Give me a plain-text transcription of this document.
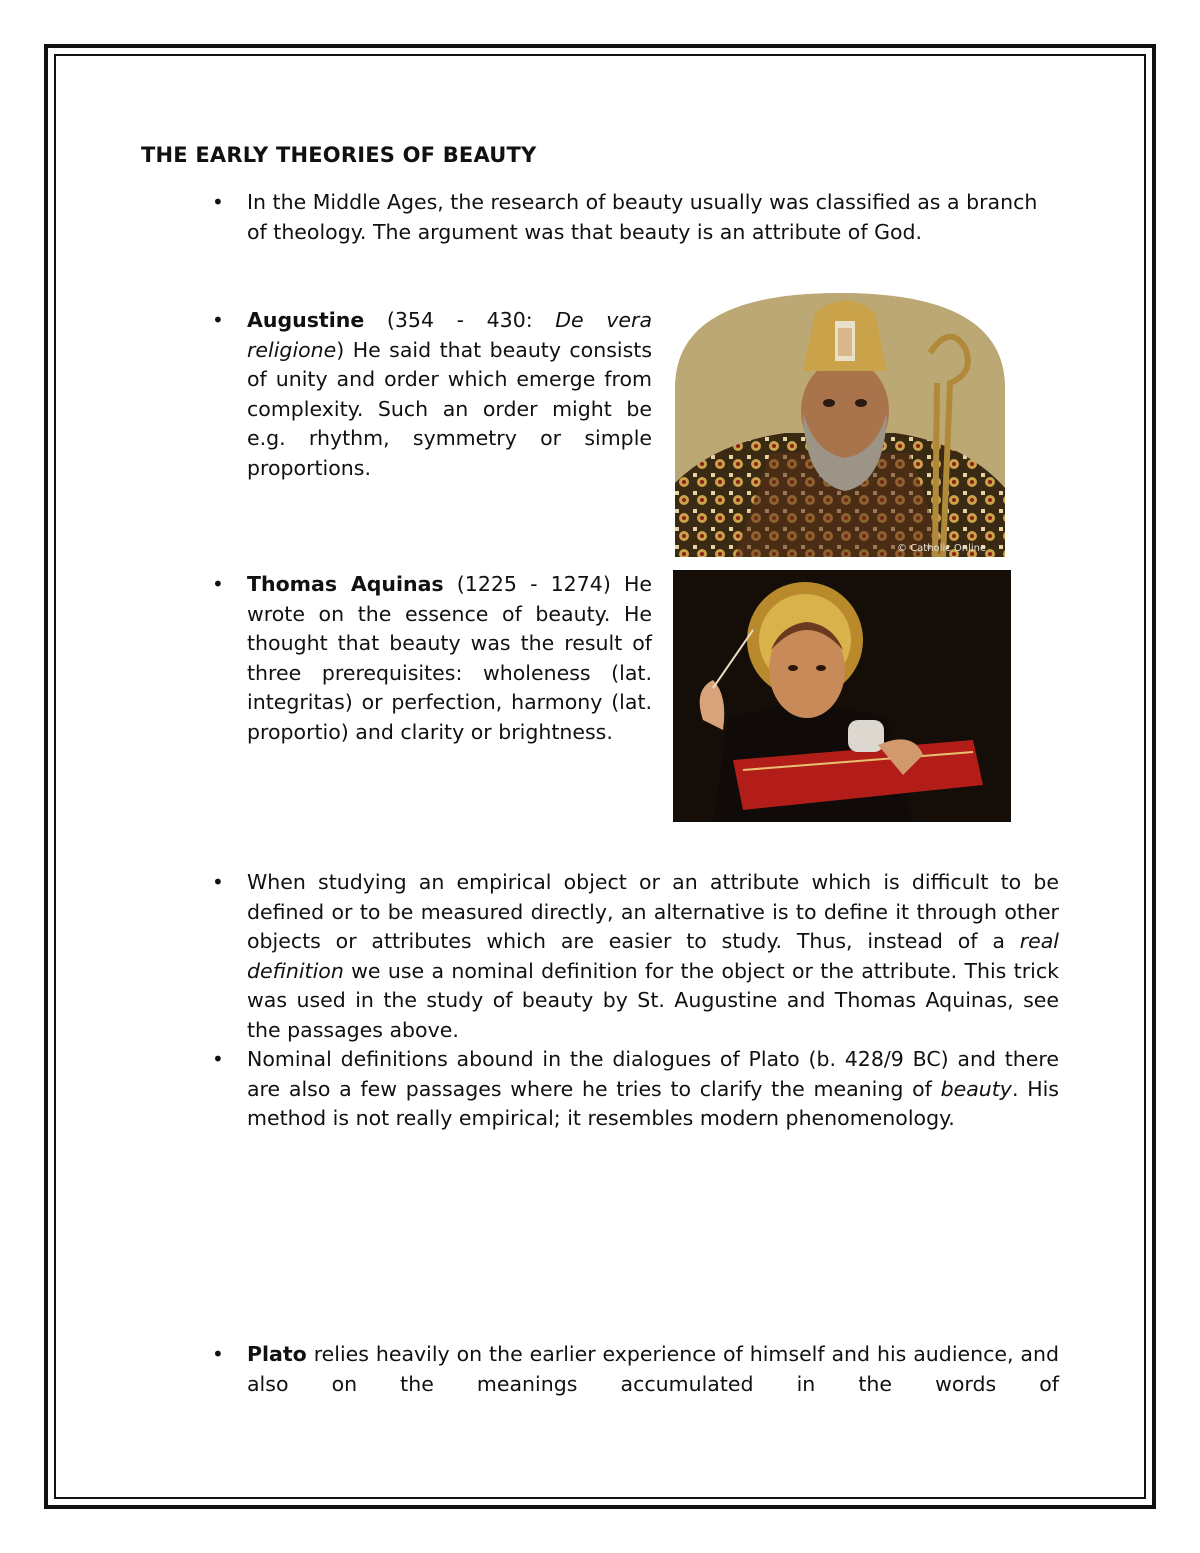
THE EARLY THEORIES OF BEAUTY
• In the Middle Ages, the research of beauty usually was classified as a branch of theology. The argument was that beauty is an attribute of God.

• Augustine (354 - 430: De vera religione) He said that beauty consists of unity and order which emerge from complexity. Such an order might be e.g. rhythm, symmetry or simple proportions.

© Catholic Online
• Thomas Aquinas (1225 - 1274) He wrote on the essence of beauty. He thought that beauty was the result of three prerequisites: wholeness (lat. integritas) or perfection, harmony (lat. proportio) and clarity or brightness.

• When studying an empirical object or an attribute which is difficult to be defined or to be measured directly, an alternative is to define it through other objects or attributes which are easier to study. Thus, instead of a real definition we use a nominal definition for the object or the attribute. This trick was used in the study of beauty by St. Augustine and Thomas Aquinas, see the passages above.

• Nominal definitions abound in the dialogues of Plato (b. 428/9 BC) and there are also a few passages where he tries to clarify the meaning of beauty. His method is not really empirical; it resembles modern phenomenology.

• Plato relies heavily on the earlier experience of himself and his audience, and also on the meanings accumulated in the words of
